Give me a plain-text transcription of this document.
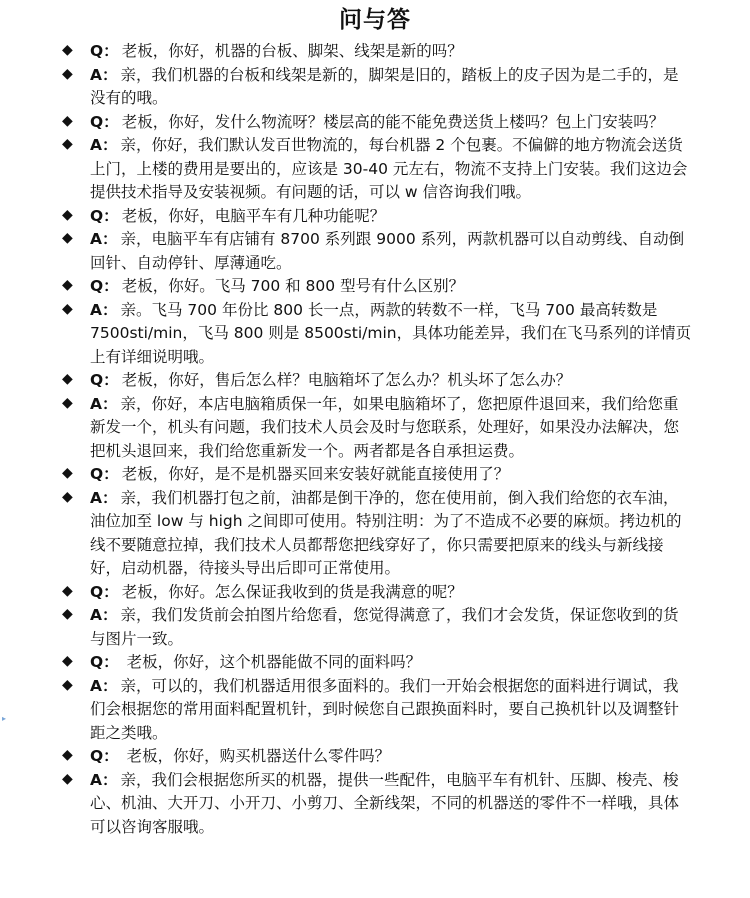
问与答

◆ Q： 老板，你好，机器的台板、脚架、线架是新的吗？

◆ A： 亲，我们机器的台板和线架是新的，脚架是旧的，踏板上的皮子因为是二手的，是没有的哦。

◆ Q： 老板，你好，发什么物流呀？楼层高的能不能免费送货上楼吗？包上门安装吗？

◆ A： 亲，你好，我们默认发百世物流的，每台机器 2 个包裹。不偏僻的地方物流会送货上门，上楼的费用是要出的，应该是 30-40 元左右，物流不支持上门安装。我们这边会提供技术指导及安装视频。有问题的话，可以 w 信咨询我们哦。

◆ Q： 老板，你好，电脑平车有几种功能呢？

◆ A： 亲，电脑平车有店铺有 8700 系列跟 9000 系列，两款机器可以自动剪线、自动倒回针、自动停针、厚薄通吃。

◆ Q： 老板，你好。飞马 700 和 800 型号有什么区别？

◆ A： 亲。飞马 700 年份比 800 长一点，两款的转数不一样，飞马 700 最高转数是 7500sti/min，飞马 800 则是 8500sti/min，具体功能差异，我们在飞马系列的详情页上有详细说明哦。

◆ Q： 老板，你好，售后怎么样？电脑箱坏了怎么办？机头坏了怎么办？

◆ A： 亲，你好，本店电脑箱质保一年，如果电脑箱坏了，您把原件退回来，我们给您重新发一个，机头有问题，我们技术人员会及时与您联系，处理好，如果没办法解决，您把机头退回来，我们给您重新发一个。两者都是各自承担运费。

◆ Q： 老板，你好，是不是机器买回来安装好就能直接使用了？

◆ A： 亲，我们机器打包之前，油都是倒干净的，您在使用前，倒入我们给您的衣车油，油位加至 low 与 high 之间即可使用。特别注明：为了不造成不必要的麻烦。拷边机的线不要随意拉掉，我们技术人员都帮您把线穿好了，你只需要把原来的线头与新线接好，启动机器，待接头导出后即可正常使用。

◆ Q： 老板，你好。怎么保证我收到的货是我满意的呢？

◆ A： 亲，我们发货前会拍图片给您看，您觉得满意了，我们才会发货，保证您收到的货与图片一致。

◆ Q： 老板，你好，这个机器能做不同的面料吗？

◆ A： 亲，可以的，我们机器适用很多面料的。我们一开始会根据您的面料进行调试，我们会根据您的常用面料配置机针，到时候您自己跟换面料时，要自己换机针以及调整针距之类哦。

◆ Q： 老板，你好，购买机器送什么零件吗？

◆ A： 亲，我们会根据您所买的机器，提供一些配件，电脑平车有机针、压脚、梭壳、梭心、机油、大开刀、小开刀、小剪刀、全新线架，不同的机器送的零件不一样哦，具体可以咨询客服哦。

▸
